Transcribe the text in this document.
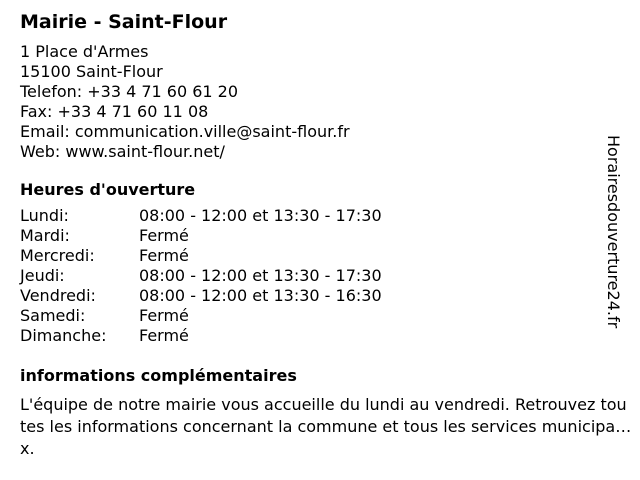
Mairie - Saint-Flour
1 Place d'Armes
15100 Saint-Flour
Telefon: +33 4 71 60 61 20
Fax: +33 4 71 60 11 08
Email: communication.ville@saint-flour.fr
Web: www.saint-flour.net/
Heures d'ouverture
Lundi:	08:00 - 12:00 et 13:30 - 17:30
Mardi:	Fermé
Mercredi:	Fermé
Jeudi:	08:00 - 12:00 et 13:30 - 17:30
Vendredi:	08:00 - 12:00 et 13:30 - 16:30
Samedi:	Fermé
Dimanche:	Fermé
informations complémentaires
L'équipe de notre mairie vous accueille du lundi au vendredi. Retrouvez toutes les informations concernant la commune et tous les services municipaux.
Horairesdouverture24.fr
